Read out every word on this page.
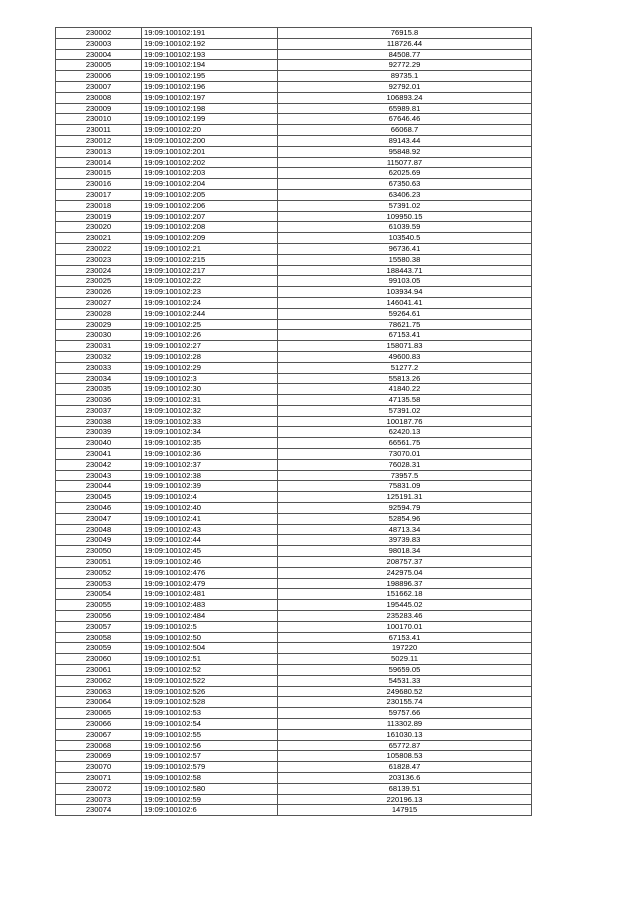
230002	19:09:100102:191	76915.8
230003	19:09:100102:192	118726.44
230004	19:09:100102:193	84508.77
230005	19:09:100102:194	92772.29
230006	19:09:100102:195	89735.1
230007	19:09:100102:196	92792.01
230008	19:09:100102:197	106893.24
230009	19:09:100102:198	65989.81
230010	19:09:100102:199	67646.46
230011	19:09:100102:20	66068.7
230012	19:09:100102:200	89143.44
230013	19:09:100102:201	95848.92
230014	19:09:100102:202	115077.87
230015	19:09:100102:203	62025.69
230016	19:09:100102:204	67350.63
230017	19:09:100102:205	63406.23
230018	19:09:100102:206	57391.02
230019	19:09:100102:207	109950.15
230020	19:09:100102:208	61039.59
230021	19:09:100102:209	103540.5
230022	19:09:100102:21	96736.41
230023	19:09:100102:215	15580.38
230024	19:09:100102:217	188443.71
230025	19:09:100102:22	99103.05
230026	19:09:100102:23	103934.94
230027	19:09:100102:24	146041.41
230028	19:09:100102:244	59264.61
230029	19:09:100102:25	78621.75
230030	19:09:100102:26	67153.41
230031	19:09:100102:27	158071.83
230032	19:09:100102:28	49600.83
230033	19:09:100102:29	51277.2
230034	19:09:100102:3	55813.26
230035	19:09:100102:30	41840.22
230036	19:09:100102:31	47135.58
230037	19:09:100102:32	57391.02
230038	19:09:100102:33	100187.76
230039	19:09:100102:34	62420.13
230040	19:09:100102:35	66561.75
230041	19:09:100102:36	73070.01
230042	19:09:100102:37	76028.31
230043	19:09:100102:38	73957.5
230044	19:09:100102:39	75831.09
230045	19:09:100102:4	125191.31
230046	19:09:100102:40	92594.79
230047	19:09:100102:41	52854.96
230048	19:09:100102:43	48713.34
230049	19:09:100102:44	39739.83
230050	19:09:100102:45	98018.34
230051	19:09:100102:46	208757.37
230052	19:09:100102:476	242975.04
230053	19:09:100102:479	198896.37
230054	19:09:100102:481	151662.18
230055	19:09:100102:483	195445.02
230056	19:09:100102:484	235283.46
230057	19:09:100102:5	100170.01
230058	19:09:100102:50	67153.41
230059	19:09:100102:504	197220
230060	19:09:100102:51	5029.11
230061	19:09:100102:52	59659.05
230062	19:09:100102:522	54531.33
230063	19:09:100102:526	249680.52
230064	19:09:100102:528	230155.74
230065	19:09:100102:53	59757.66
230066	19:09:100102:54	113302.89
230067	19:09:100102:55	161030.13
230068	19:09:100102:56	65772.87
230069	19:09:100102:57	105808.53
230070	19:09:100102:579	61828.47
230071	19:09:100102:58	203136.6
230072	19:09:100102:580	68139.51
230073	19:09:100102:59	220196.13
230074	19:09:100102:6	147915
